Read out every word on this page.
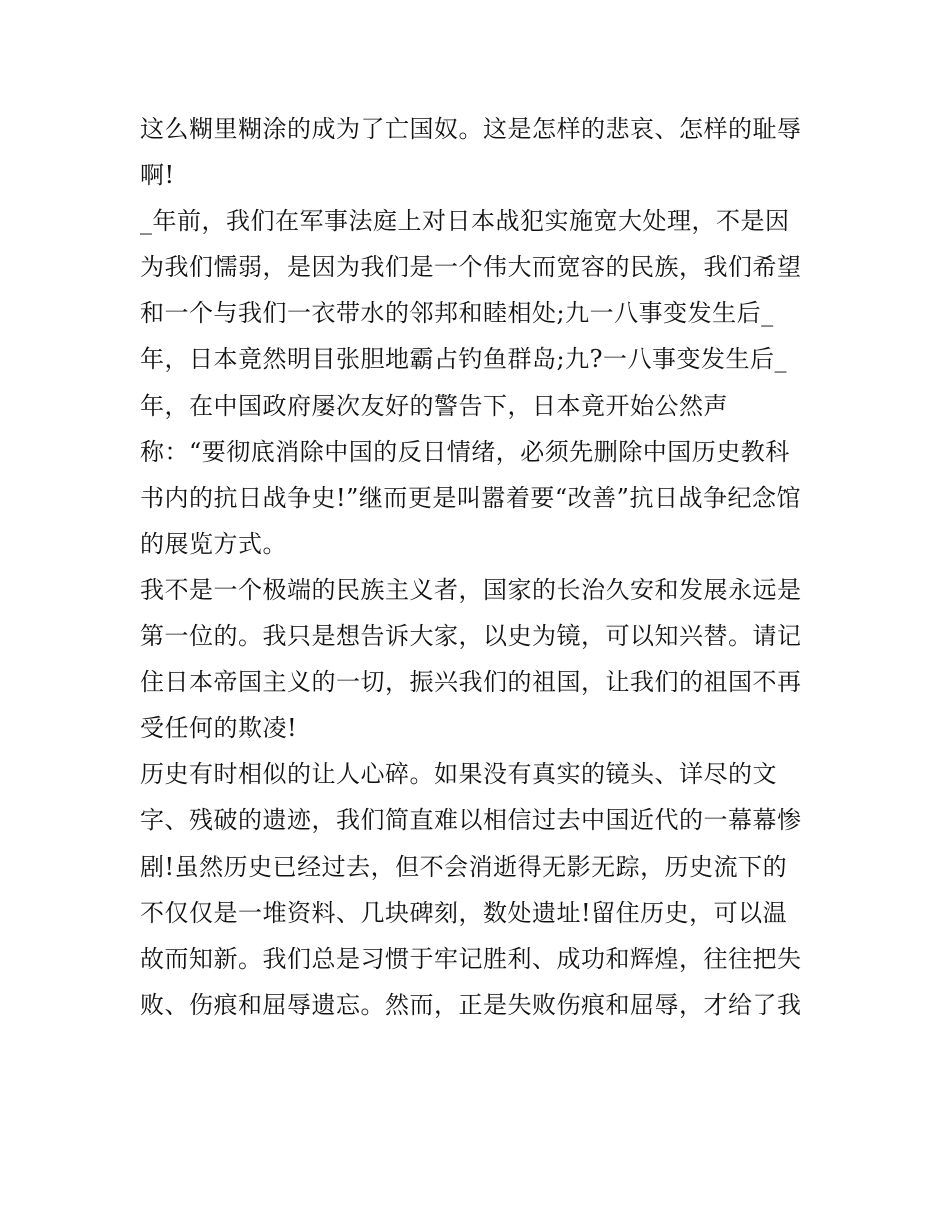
这么糊里糊涂的成为了亡国奴。这是怎样的悲哀、怎样的耻辱
啊!
_年前，我们在军事法庭上对日本战犯实施宽大处理，不是因
为我们懦弱，是因为我们是一个伟大而宽容的民族，我们希望
和一个与我们一衣带水的邻邦和睦相处;九一八事变发生后_
年，日本竟然明目张胆地霸占钓鱼群岛;九?一八事变发生后_
年，在中国政府屡次友好的警告下，日本竟开始公然声
称：“要彻底消除中国的反日情绪，必须先删除中国历史教科
书内的抗日战争史!”继而更是叫嚣着要“改善”抗日战争纪念馆
的展览方式。
我不是一个极端的民族主义者，国家的长治久安和发展永远是
第一位的。我只是想告诉大家，以史为镜，可以知兴替。请记
住日本帝国主义的一切，振兴我们的祖国，让我们的祖国不再
受任何的欺凌!
历史有时相似的让人心碎。如果没有真实的镜头、详尽的文
字、残破的遗迹，我们简直难以相信过去中国近代的一幕幕惨
剧!虽然历史已经过去，但不会消逝得无影无踪，历史流下的
不仅仅是一堆资料、几块碑刻，数处遗址!留住历史，可以温
故而知新。我们总是习惯于牢记胜利、成功和辉煌，往往把失
败、伤痕和屈辱遗忘。然而，正是失败伤痕和屈辱，才给了我
